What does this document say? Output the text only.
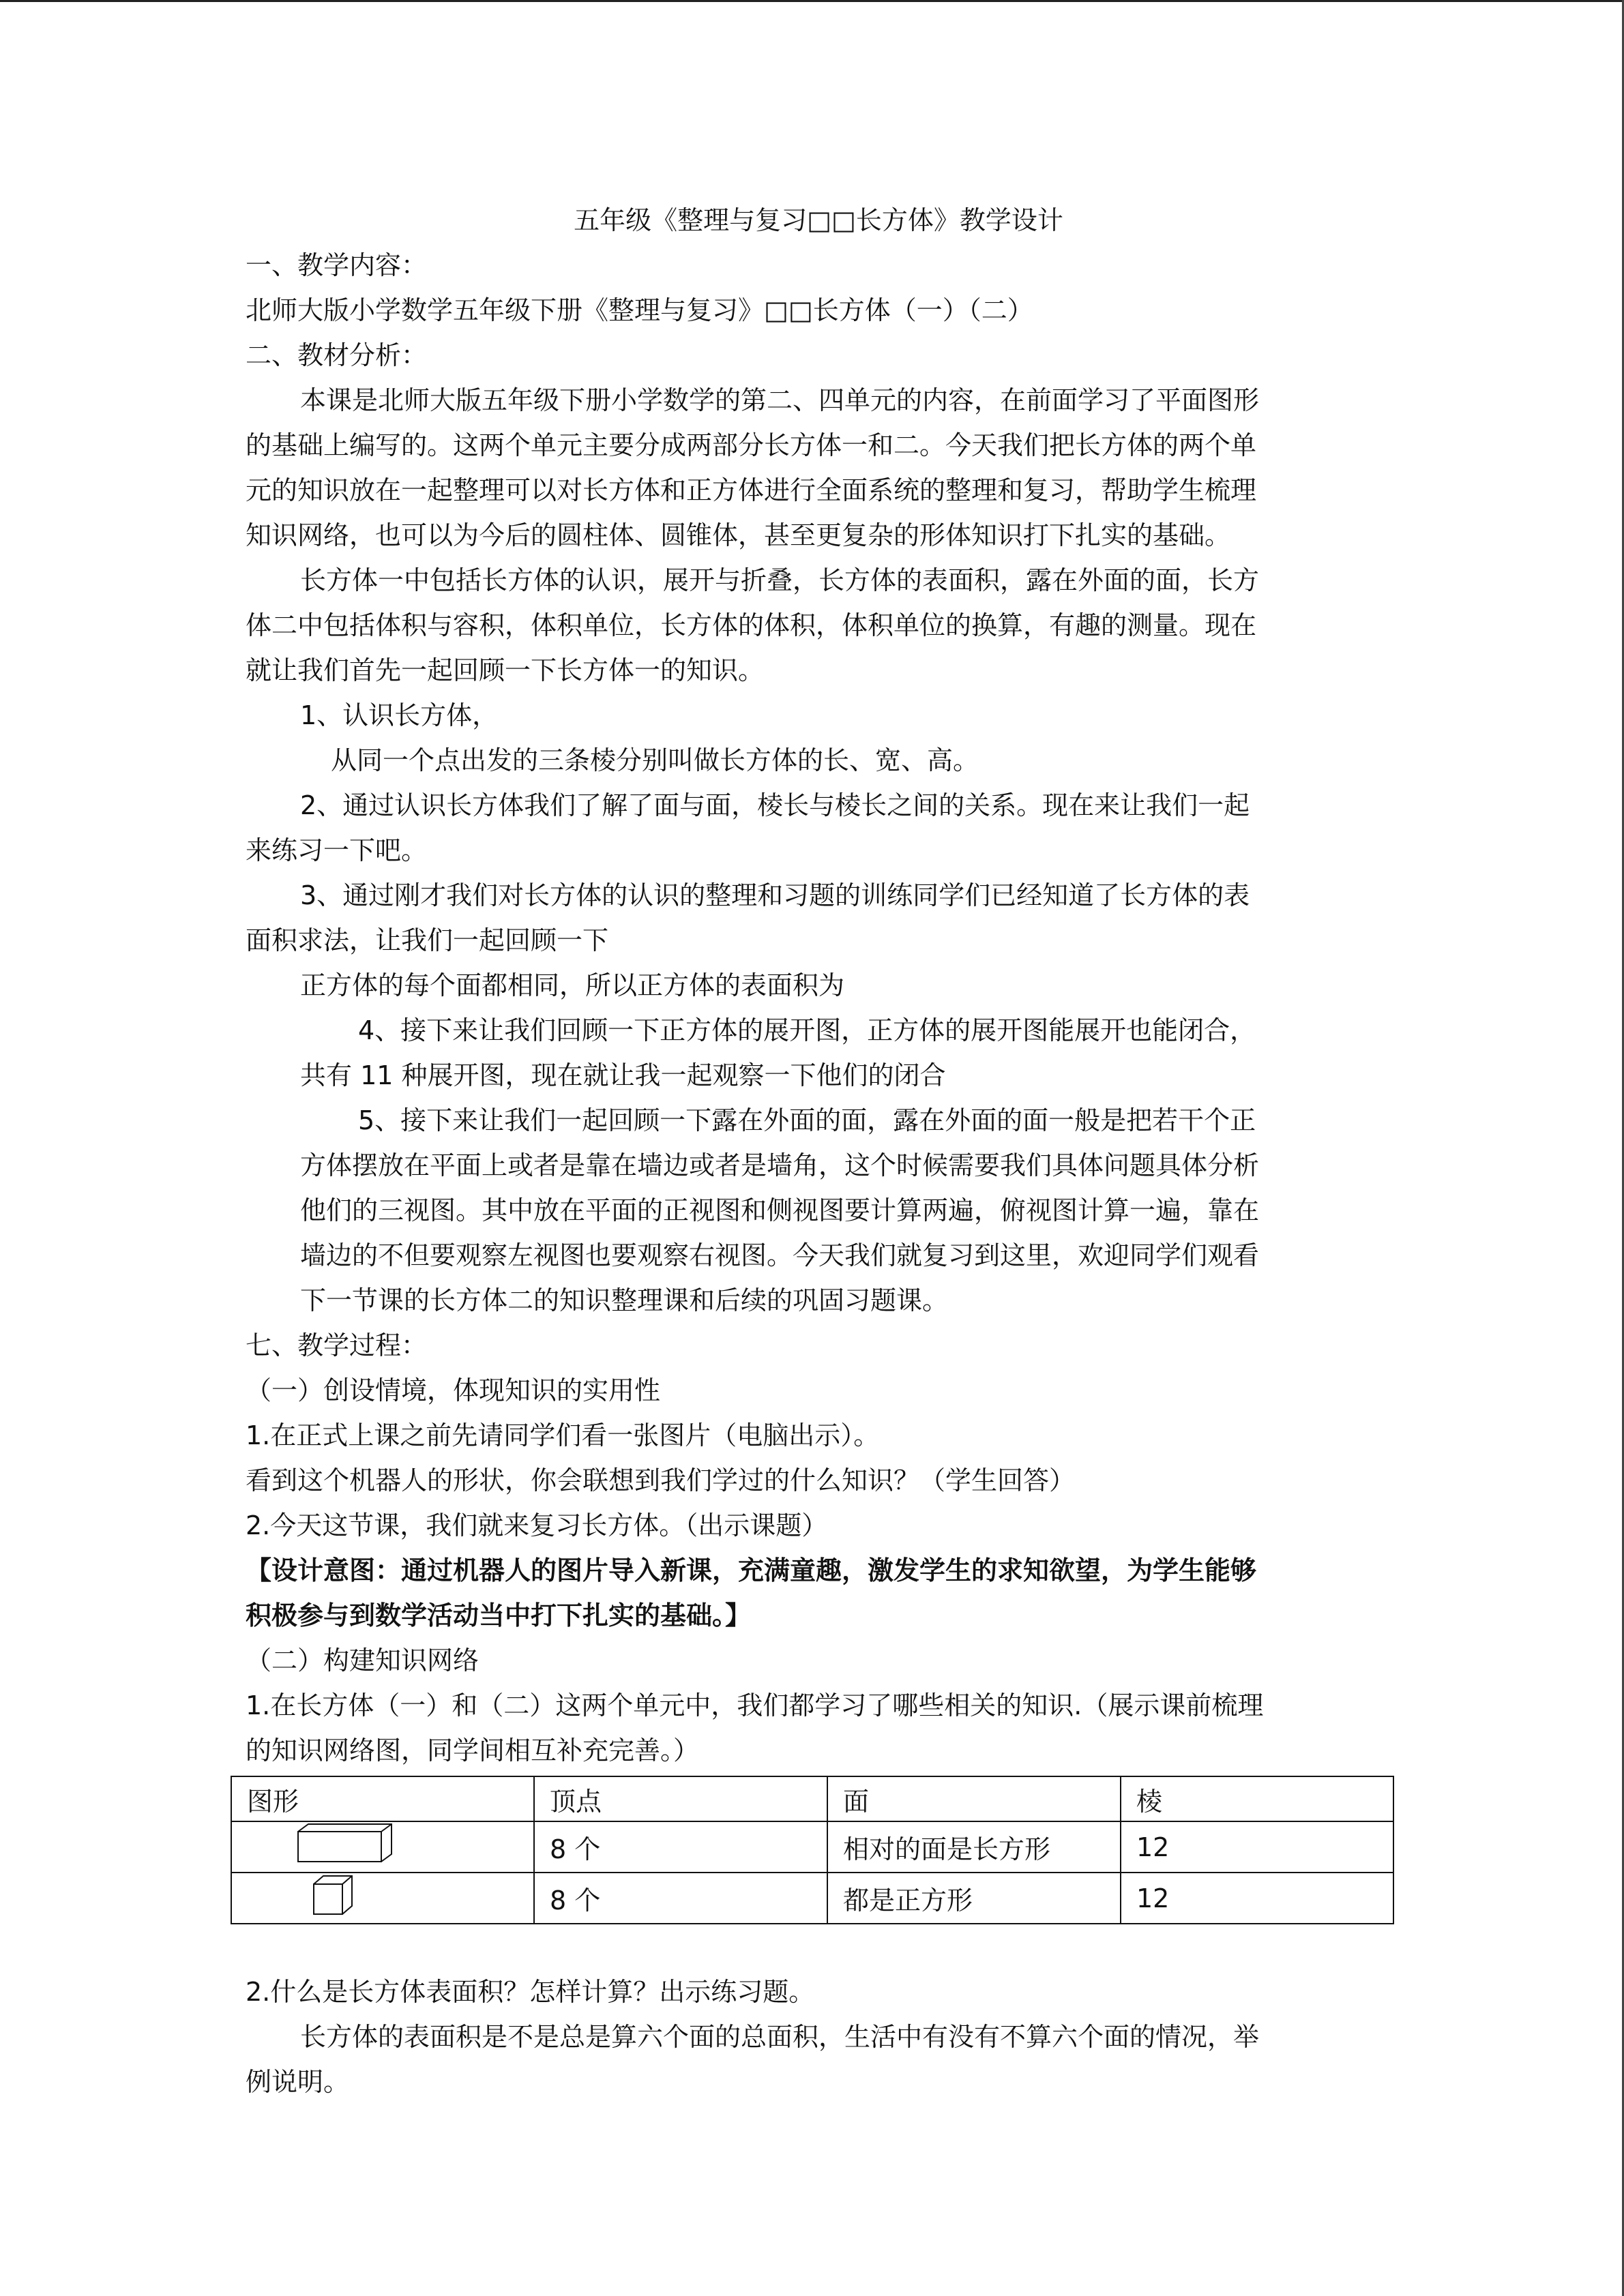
五年级《整理与复习□□长方体》教学设计
一、教学内容：
北师大版小学数学五年级下册《整理与复习》□□长方体（一）（二）
二、教材分析：
本课是北师大版五年级下册小学数学的第二、四单元的内容，在前面学习了平面图形
的基础上编写的。这两个单元主要分成两部分长方体一和二。今天我们把长方体的两个单
元的知识放在一起整理可以对长方体和正方体进行全面系统的整理和复习，帮助学生梳理
知识网络，也可以为今后的圆柱体、圆锥体，甚至更复杂的形体知识打下扎实的基础。
长方体一中包括长方体的认识，展开与折叠，长方体的表面积，露在外面的面，长方
体二中包括体积与容积，体积单位，长方体的体积，体积单位的换算，有趣的测量。现在
就让我们首先一起回顾一下长方体一的知识。
1、认识长方体，
从同一个点出发的三条棱分别叫做长方体的长、宽、高。
2、通过认识长方体我们了解了面与面，棱长与棱长之间的关系。现在来让我们一起
来练习一下吧。
3、通过刚才我们对长方体的认识的整理和习题的训练同学们已经知道了长方体的表
面积求法，让我们一起回顾一下
正方体的每个面都相同，所以正方体的表面积为
4、接下来让我们回顾一下正方体的展开图，正方体的展开图能展开也能闭合，
共有 11 种展开图，现在就让我一起观察一下他们的闭合
5、接下来让我们一起回顾一下露在外面的面，露在外面的面一般是把若干个正
方体摆放在平面上或者是靠在墙边或者是墙角，这个时候需要我们具体问题具体分析
他们的三视图。其中放在平面的正视图和侧视图要计算两遍，俯视图计算一遍，靠在
墙边的不但要观察左视图也要观察右视图。今天我们就复习到这里，欢迎同学们观看
下一节课的长方体二的知识整理课和后续的巩固习题课。
七、教学过程：
（一）创设情境，体现知识的实用性
1.在正式上课之前先请同学们看一张图片（电脑出示）。
看到这个机器人的形状，你会联想到我们学过的什么知识？（学生回答）
2.今天这节课，我们就来复习长方体。（出示课题）
【设计意图：通过机器人的图片导入新课，充满童趣，激发学生的求知欲望，为学生能够
积极参与到数学活动当中打下扎实的基础。】
（二）构建知识网络
1.在长方体（一）和（二）这两个单元中，我们都学习了哪些相关的知识.（展示课前梳理
的知识网络图，同学间相互补充完善。）
图形	顶点	面	棱
	8 个	相对的面是长方形	12
	8 个	都是正方形	12
2.什么是长方体表面积？怎样计算？出示练习题。
长方体的表面积是不是总是算六个面的总面积，生活中有没有不算六个面的情况，举
例说明。
